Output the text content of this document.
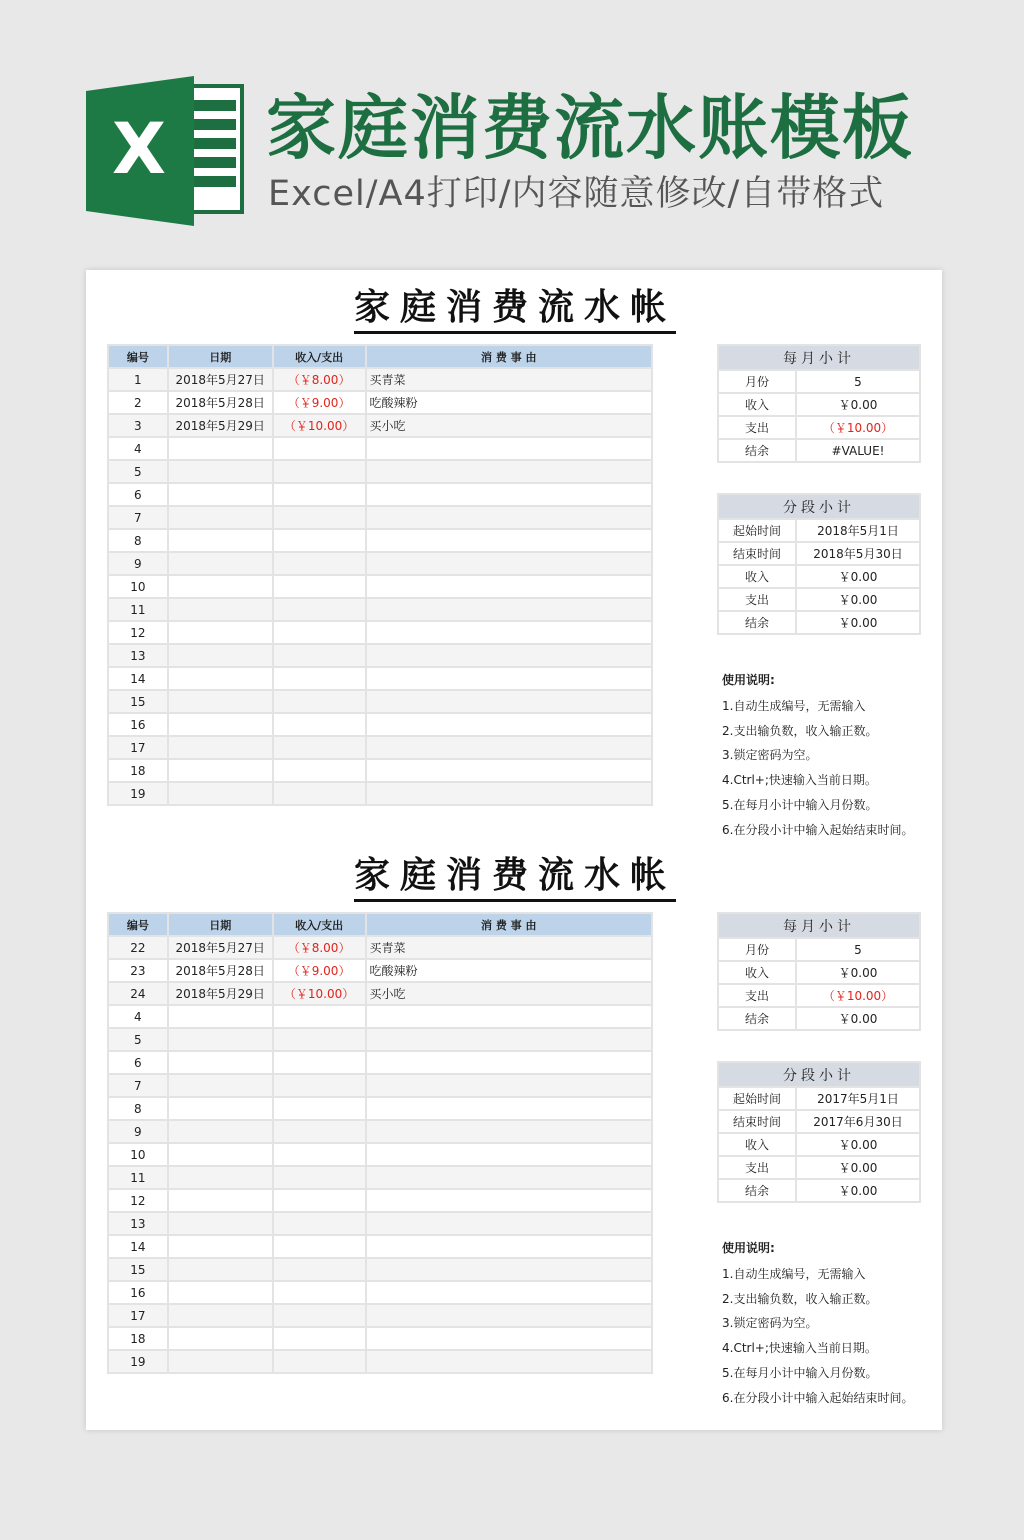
X 家庭消费流水账模板
Excel/A4打印/内容随意修改/自带格式
家庭消费流水帐
编号	日期	收入/支出	消 费 事 由
1	2018年5月27日	（￥8.00）	买青菜
2	2018年5月28日	（￥9.00）	吃酸辣粉
3	2018年5月29日	（￥10.00）	买小吃
4			
5			
6			
7			
8			
9			
10			
11			
12			
13			
14			
15			
16			
17			
18			
19			
每月小计	
月份	5
收入	￥0.00
支出	（￥10.00）
结余	#VALUE!
分段小计	
起始时间	2018年5月1日
结束时间	2018年5月30日
收入	￥0.00
支出	￥0.00
结余	￥0.00
使用说明:
1.自动生成编号，无需输入
2.支出输负数，收入输正数。
3.锁定密码为空。
4.Ctrl+;快速输入当前日期。
5.在每月小计中输入月份数。
6.在分段小计中输入起始结束时间。
家庭消费流水帐
编号	日期	收入/支出	消 费 事 由
22	2018年5月27日	（￥8.00）	买青菜
23	2018年5月28日	（￥9.00）	吃酸辣粉
24	2018年5月29日	（￥10.00）	买小吃
4			
5			
6			
7			
8			
9			
10			
11			
12			
13			
14			
15			
16			
17			
18			
19			
每月小计	
月份	5
收入	￥0.00
支出	（￥10.00）
结余	￥0.00
分段小计	
起始时间	2017年5月1日
结束时间	2017年6月30日
收入	￥0.00
支出	￥0.00
结余	￥0.00
使用说明:
1.自动生成编号，无需输入
2.支出输负数，收入输正数。
3.锁定密码为空。
4.Ctrl+;快速输入当前日期。
5.在每月小计中输入月份数。
6.在分段小计中输入起始结束时间。
